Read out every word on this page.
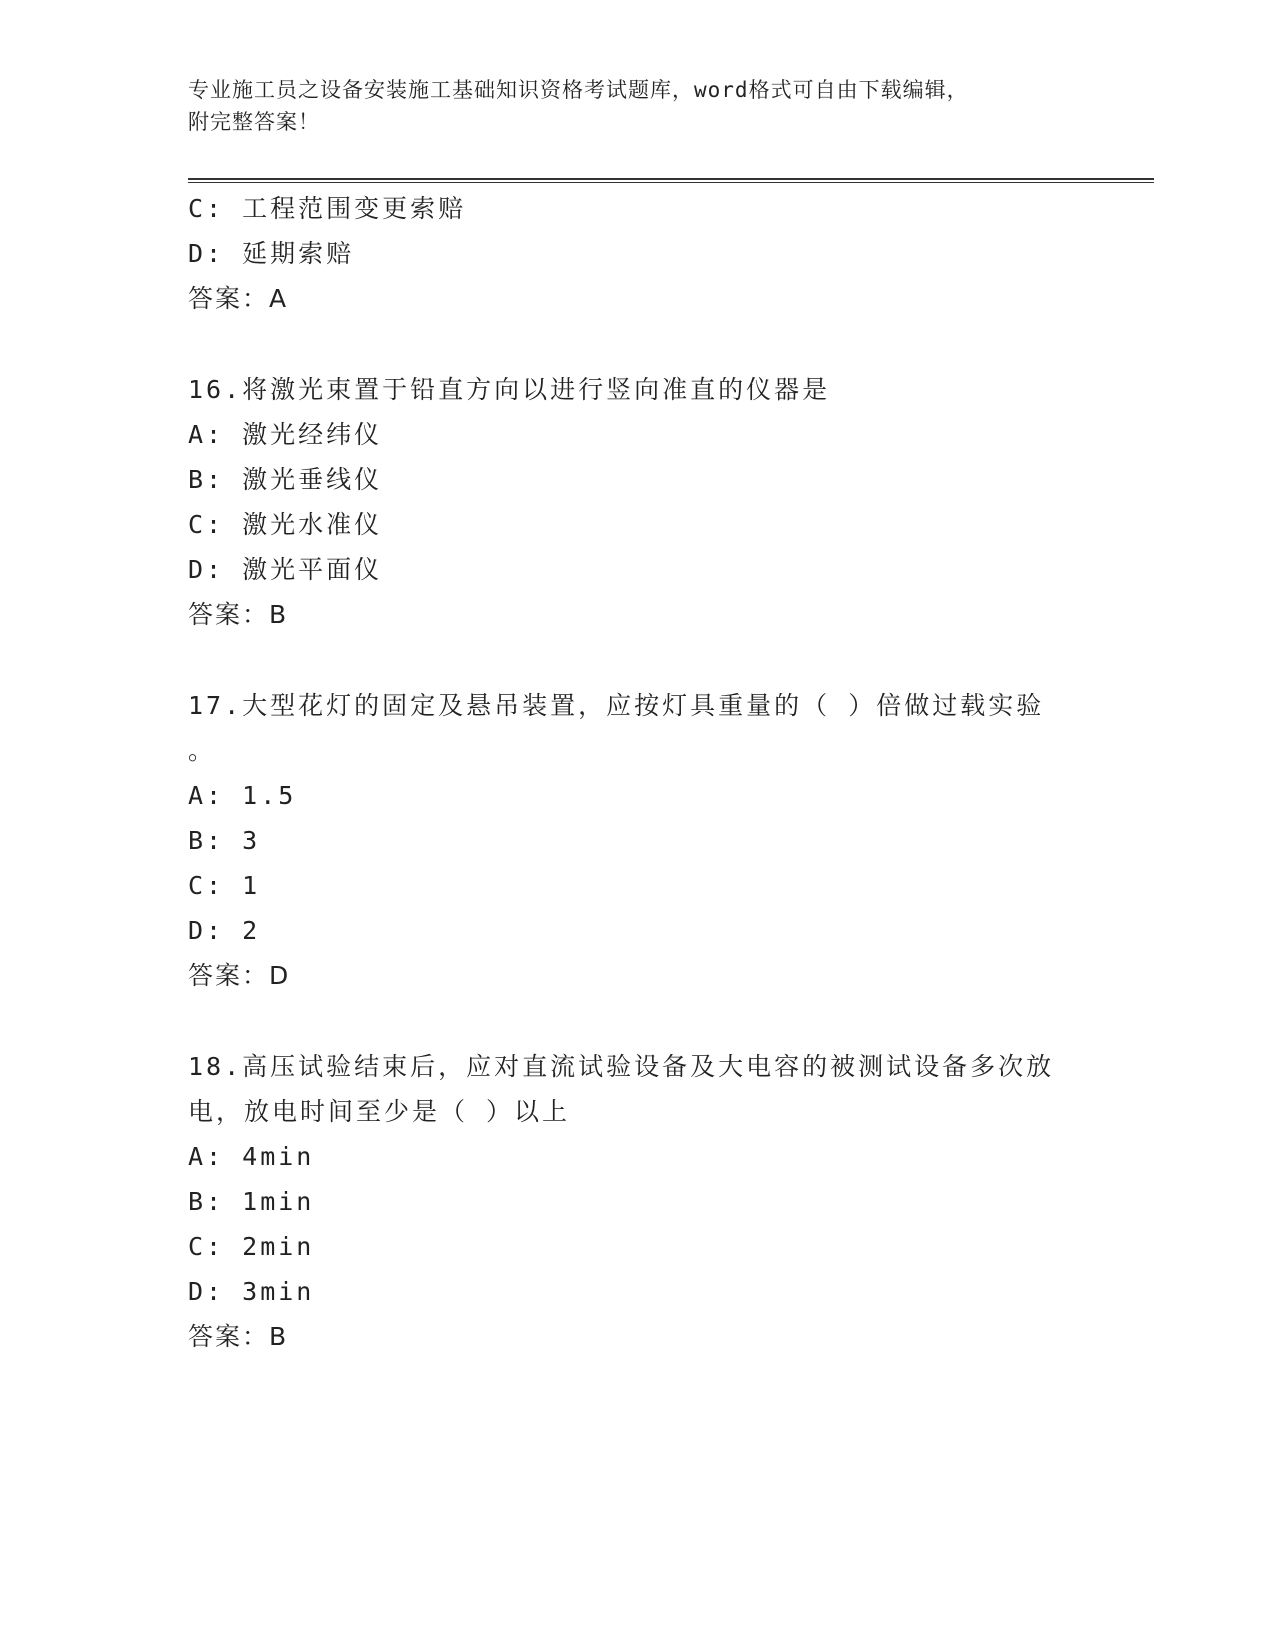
专业施工员之设备安装施工基础知识资格考试题库，word格式可自由下载编辑，
附完整答案！
C: 工程范围变更索赔
D: 延期索赔
答案：A
16.将激光束置于铅直方向以进行竖向准直的仪器是
A: 激光经纬仪
B: 激光垂线仪
C: 激光水准仪
D: 激光平面仪
答案：B
17.大型花灯的固定及悬吊装置，应按灯具重量的（ ）倍做过载实验
。
A: 1.5
B: 3
C: 1
D: 2
答案：D
18.高压试验结束后，应对直流试验设备及大电容的被测试设备多次放
电，放电时间至少是（ ）以上
A: 4min
B: 1min
C: 2min
D: 3min
答案：B
